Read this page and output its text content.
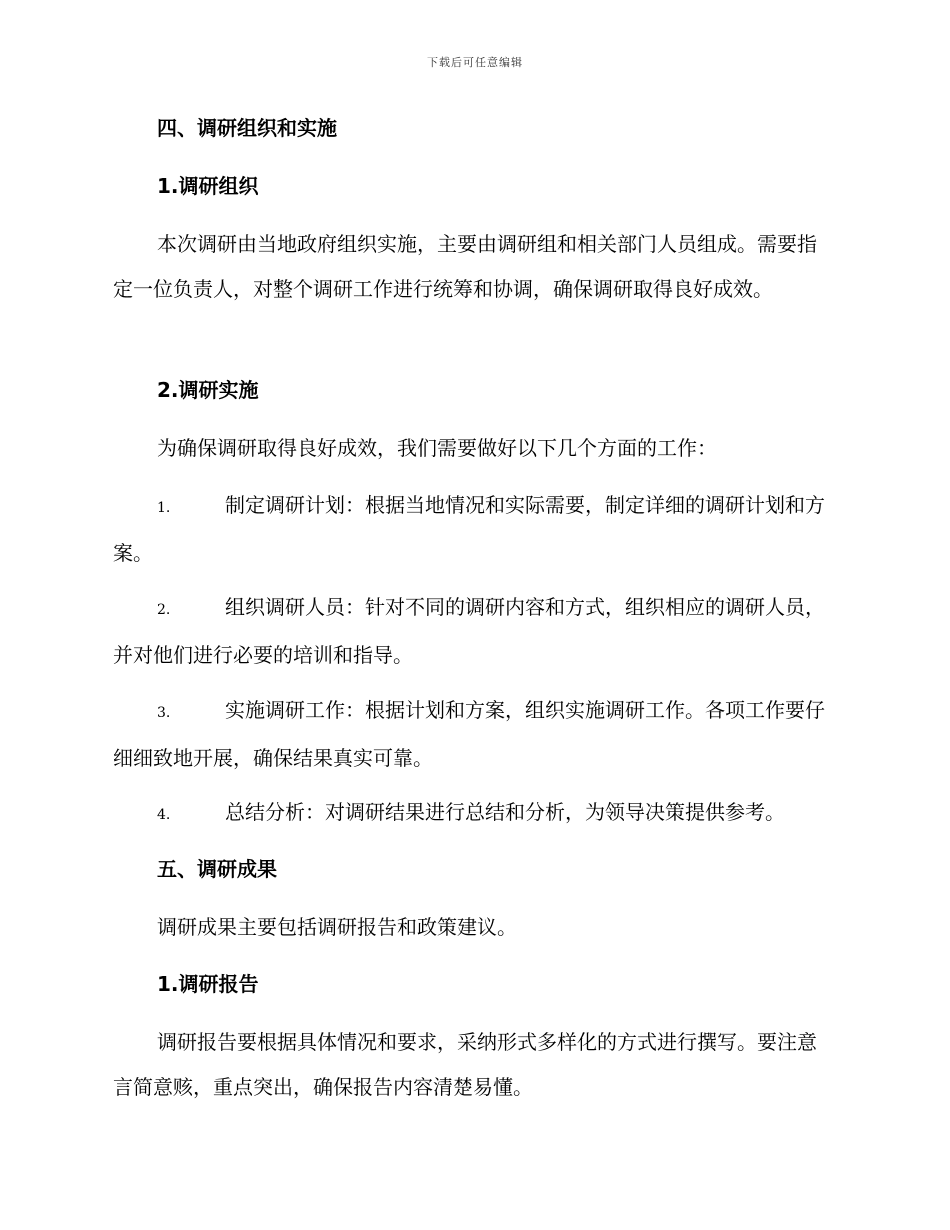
下载后可任意编辑
四、调研组织和实施
1.调研组织
本次调研由当地政府组织实施，主要由调研组和相关部门人员组成。需要指定一位负责人，对整个调研工作进行统筹和协调，确保调研取得良好成效。
2.调研实施
为确保调研取得良好成效，我们需要做好以下几个方面的工作：
1.	制定调研计划：根据当地情况和实际需要，制定详细的调研计划和方案。
2.	组织调研人员：针对不同的调研内容和方式，组织相应的调研人员，并对他们进行必要的培训和指导。
3.	实施调研工作：根据计划和方案，组织实施调研工作。各项工作要仔细细致地开展，确保结果真实可靠。
4.	总结分析：对调研结果进行总结和分析，为领导决策提供参考。
五、调研成果
调研成果主要包括调研报告和政策建议。
1.调研报告
调研报告要根据具体情况和要求，采纳形式多样化的方式进行撰写。要注意言简意赅，重点突出，确保报告内容清楚易懂。
